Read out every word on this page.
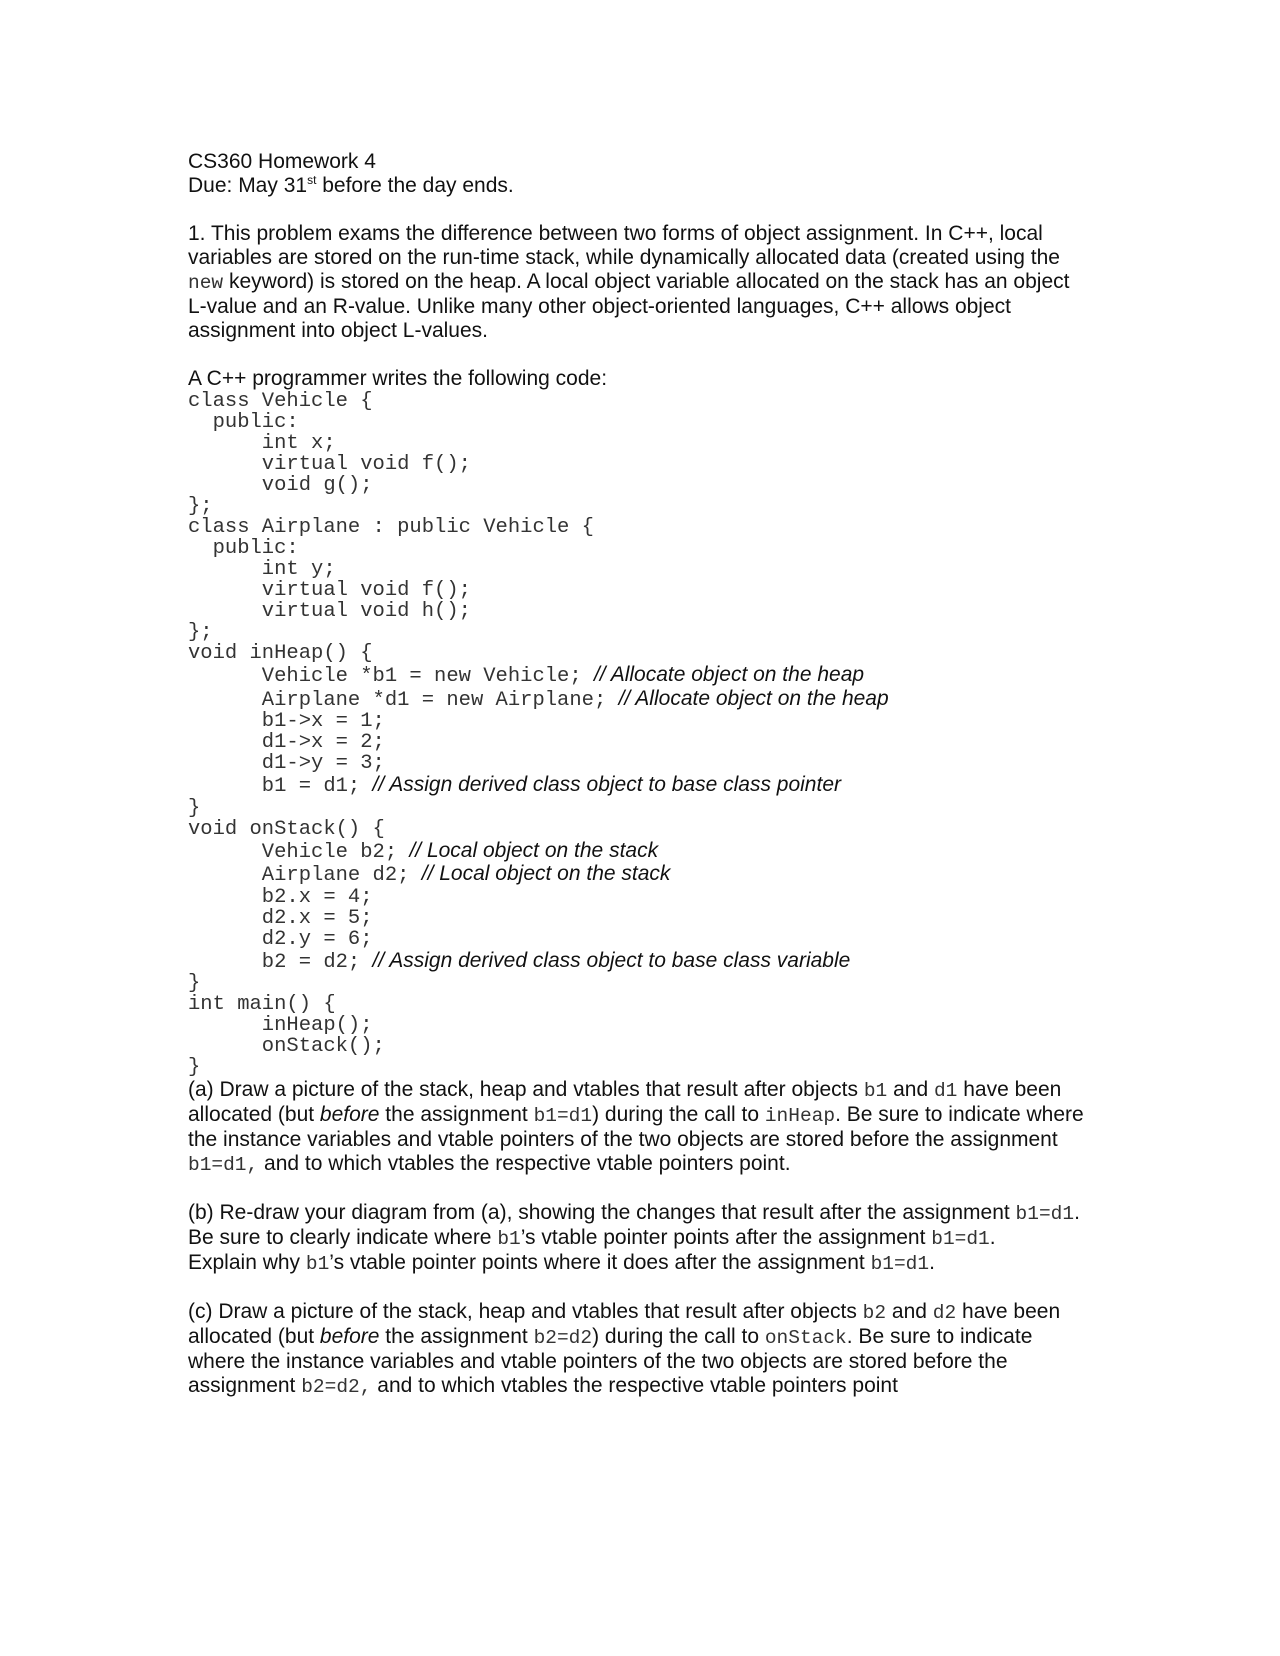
CS360 Homework 4

Due: May 31st before the day ends.

1. This problem exams the difference between two forms of object assignment. In C++, local

variables are stored on the run-time stack, while dynamically allocated data (created using the

new keyword) is stored on the heap. A local object variable allocated on the stack has an object

L-value and an R-value. Unlike many other object-oriented languages, C++ allows object

assignment into object L-values.

A C++ programmer writes the following code:

class Vehicle {
public:
int x;
virtual void f();
void g();
};
class Airplane : public Vehicle {
public:
int y;
virtual void f();
virtual void h();
};
void inHeap() {
Vehicle *b1 = new Vehicle; // Allocate object on the heap
Airplane *d1 = new Airplane; // Allocate object on the heap
b1->x = 1;
d1->x = 2;
d1->y = 3;
b1 = d1; // Assign derived class object to base class pointer
}
void onStack() {
Vehicle b2; // Local object on the stack
Airplane d2; // Local object on the stack
b2.x = 4;
d2.x = 5;
d2.y = 6;
b2 = d2; // Assign derived class object to base class variable
}
int main() {
inHeap();
onStack();
}

(a) Draw a picture of the stack, heap and vtables that result after objects b1 and d1 have been

allocated (but before the assignment b1=d1) during the call to inHeap. Be sure to indicate where

the instance variables and vtable pointers of the two objects are stored before the assignment

b1=d1, and to which vtables the respective vtable pointers point.

(b) Re-draw your diagram from (a), showing the changes that result after the assignment b1=d1.

Be sure to clearly indicate where b1’s vtable pointer points after the assignment b1=d1.

Explain why b1’s vtable pointer points where it does after the assignment b1=d1.

(c) Draw a picture of the stack, heap and vtables that result after objects b2 and d2 have been

allocated (but before the assignment b2=d2) during the call to onStack. Be sure to indicate

where the instance variables and vtable pointers of the two objects are stored before the

assignment b2=d2, and to which vtables the respective vtable pointers point
